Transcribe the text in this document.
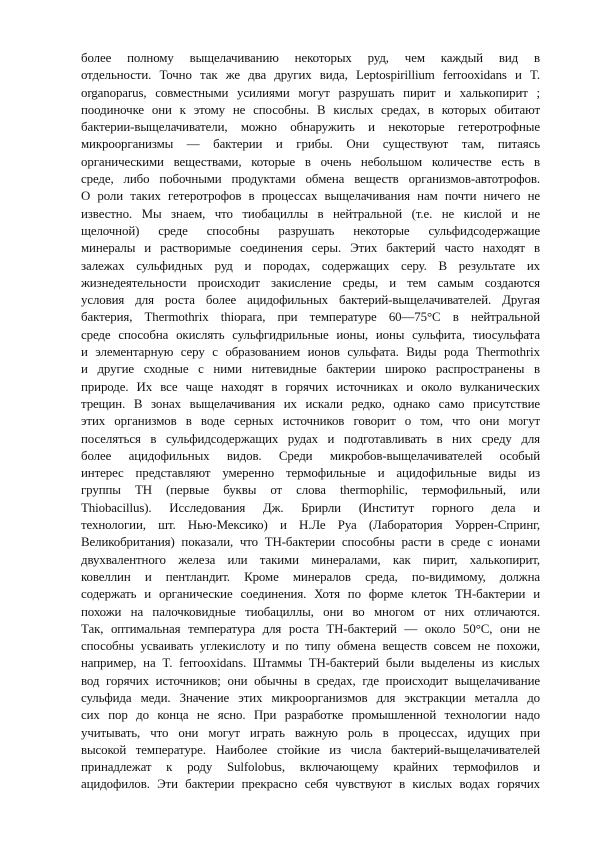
более полному выщелачиванию некоторых руд, чем каждый вид в
отдельности. Точно так же два других вида, Leptospirillium ferrooxidans и T.
organoparus, совместными усилиями могут разрушать пирит и халькопирит ;
поодиночке они к этому не способны. В кислых средах, в которых обитают
бактерии-выщелачиватели, можно обнаружить и некоторые гетеротрофные
микроорганизмы — бактерии и грибы. Они существуют там, питаясь
органическими веществами, которые в очень небольшом количестве есть в
среде, либо побочными продуктами обмена веществ организмов-автотрофов.
О роли таких гетеротрофов в процессах выщелачивания нам почти ничего не
известно. Мы знаем, что тиобациллы в нейтральной (т.е. не кислой и не
щелочной) среде способны разрушать некоторые сульфидсодержащие
минералы и растворимые соединения серы. Этих бактерий часто находят в
залежах сульфидных руд и породах, содержащих серу. В результате их
жизнедеятельности происходит закисление среды, и тем самым создаются
условия для роста более ацидофильных бактерий-выщелачивателей. Другая
бактерия, Thermothrix thiopara, при температуре 60—75°С в нейтральной
среде способна окислять сульфгидрильные ионы, ионы сульфита, тиосульфата
и элементарную серу с образованием ионов сульфата. Виды рода Thermothrix
и другие сходные с ними нитевидные бактерии широко распространены в
природе. Их все чаще находят в горячих источниках и около вулканических
трещин. В зонах выщелачивания их искали редко, однако само присутствие
этих организмов в воде серных источников говорит о том, что они могут
поселяться в сульфидсодержащих рудах и подготавливать в них среду для
более ацидофильных видов. Среди микробов-выщелачивателей особый
интерес представляют умеренно термофильные и ацидофильные виды из
группы ТН (первые буквы от слова thermophilic, термофильный, или
Thiobacillus). Исследования Дж. Брирли (Институт горного дела и
технологии, шт. Нью-Мексико) и Н.Ле Руа (Лаборатория Уоррен-Спринг,
Великобритания) показали, что ТН-бактерии способны расти в среде с ионами
двухвалентного железа или такими минералами, как пирит, халькопирит,
ковеллин и пентландит. Кроме минералов среда, по-видимому, должна
содержать и органические соединения. Хотя по форме клеток ТН-бактерии и
похожи на палочковидные тиобациллы, они во многом от них отличаются.
Так, оптимальная температура для роста ТН-бактерий — около 50°С, они не
способны усваивать углекислоту и по типу обмена веществ совсем не похожи,
например, на T. ferrooxidans. Штаммы ТН-бактерий были выделены из кислых
вод горячих источников; они обычны в средах, где происходит выщелачивание
сульфида меди. Значение этих микроорганизмов для экстракции металла до
сих пор до конца не ясно. При разработке промышленной технологии надо
учитывать, что они могут играть важную роль в процессах, идущих при
высокой температуре. Наиболее стойкие из числа бактерий-выщелачивателей
принадлежат к роду Sulfolobus, включающему крайних термофилов и
ацидофилов. Эти бактерии прекрасно себя чувствуют в кислых водах горячих
